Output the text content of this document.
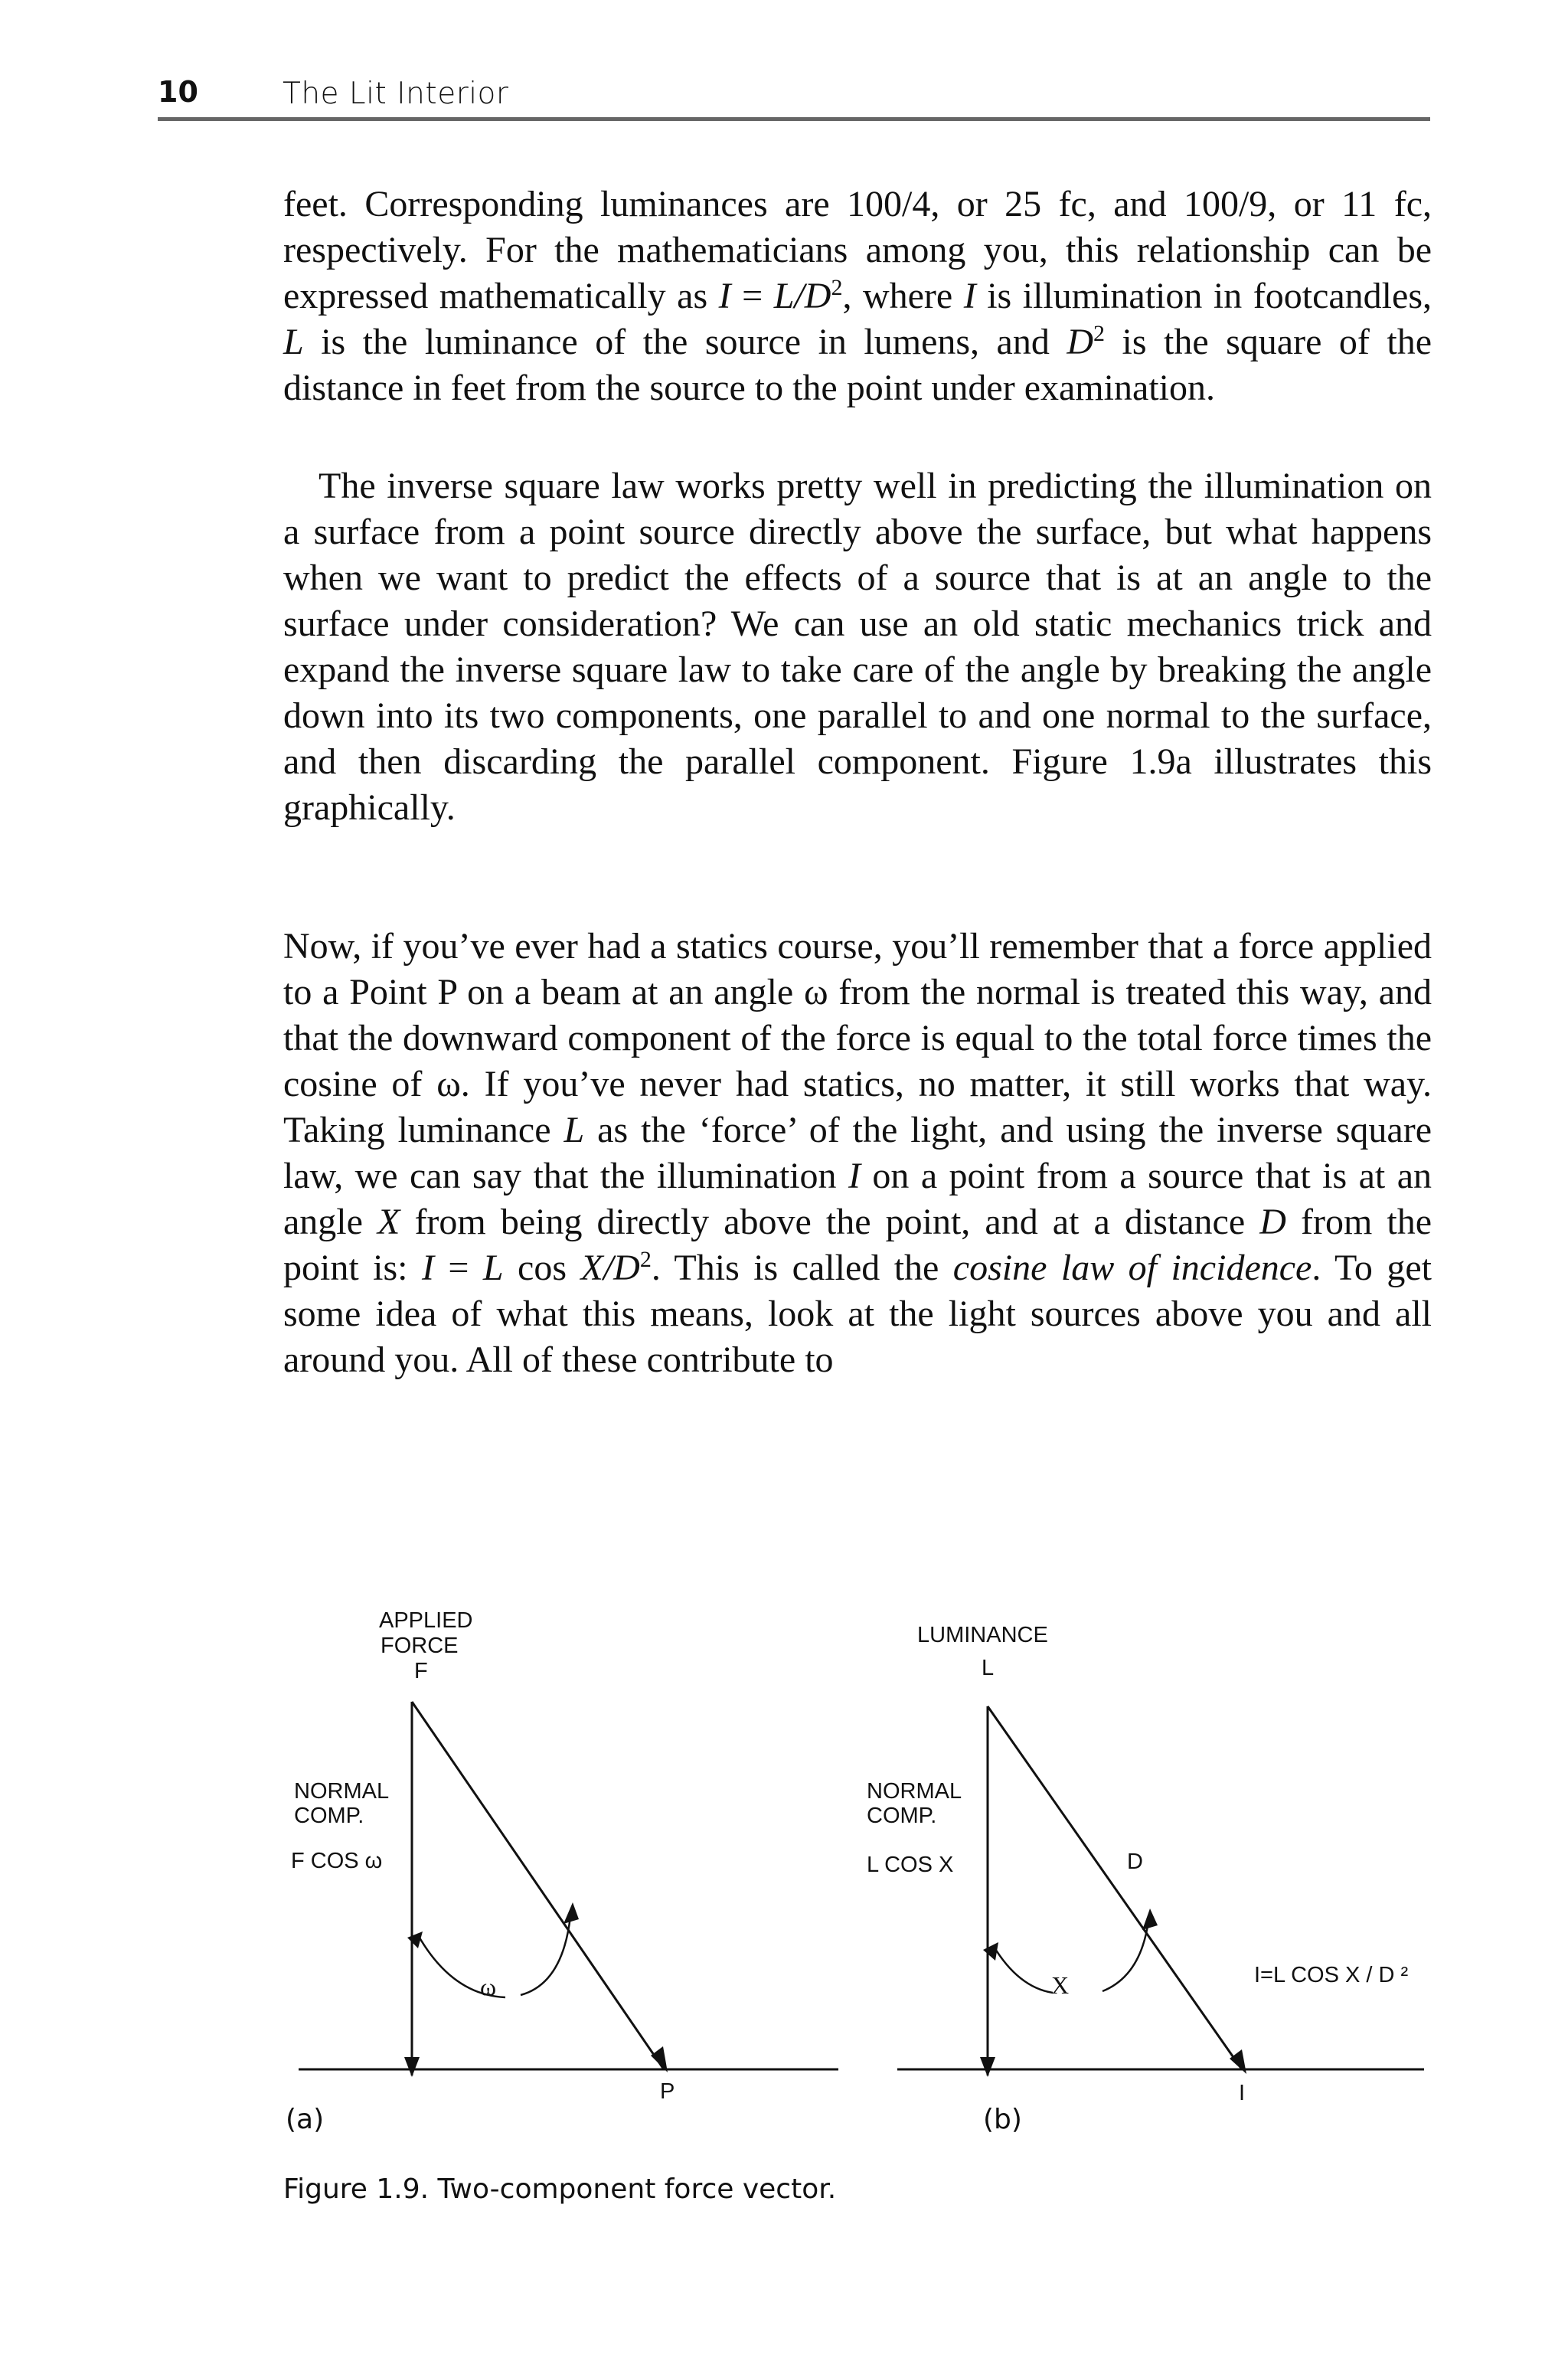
10	The Lit Interior

feet. Corresponding luminances are 100/4, or 25 fc, and 100/9, or 11 fc, respectively. For the mathematicians among you, this relationship can be expressed mathematically as $I = L/D^2$, where I is illumination in footcandles, L is the luminance of the source in lumens, and $D^2$ is the square of the distance in feet from the source to the point under examination.

The inverse square law works pretty well in predicting the illumination on a surface from a point source directly above the surface, but what happens when we want to predict the effects of a source that is at an angle to the surface under consideration? We can use an old static mechanics trick and expand the inverse square law to take care of the angle by breaking the angle down into its two components, one parallel to and one normal to the surface, and then discarding the parallel component. Figure 1.9a illustrates this graphically.

Now, if you’ve ever had a statics course, you’ll remember that a force applied to a Point P on a beam at an angle ω from the normal is treated this way, and that the downward component of the force is equal to the total force times the cosine of ω. If you’ve never had statics, no matter, it still works that way. Taking luminance L as the ‘force’ of the light, and using the inverse square law, we can say that the illumination I on a point from a source that is at an angle X from being directly above the point, and at a distance D from the point is: I = L $\cos X/D^2$. This is called the cosine law of incidence. To get some idea of what this means, look at the light sources above you and all around you. All of these contribute to

APPLIED
FORCE
F
NORMAL
COMP.
F COS ω
ω
P
LUMINANCE
L
NORMAL
COMP.
L COS X	D
X	I=L COS X / D ²
I
(a)	(b)
Figure 1.9. Two-component force vector.
